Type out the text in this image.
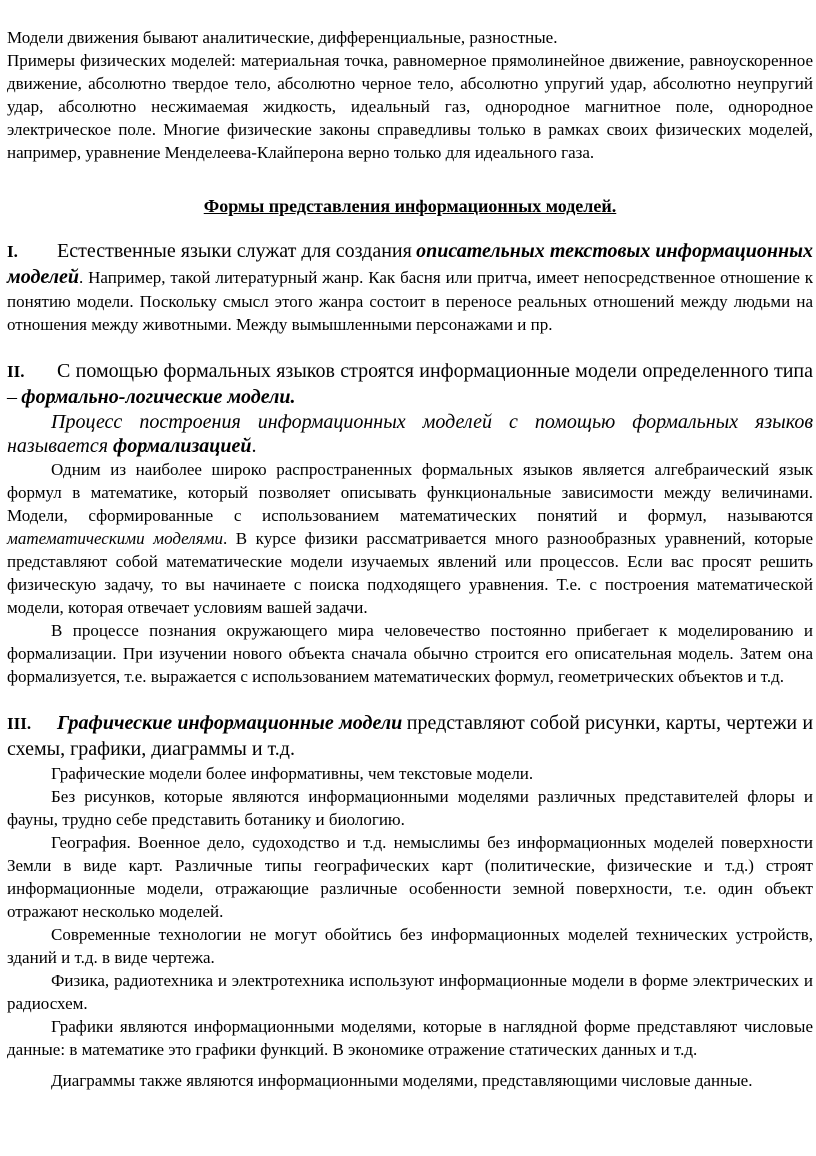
Модели движения бывают аналитические, дифференциальные, разностные.

Примеры физических моделей: материальная точка, равномерное прямолинейное движение, равноускоренное движение, абсолютно твердое тело, абсолютно черное тело, абсолютно упругий удар, абсолютно неупругий удар, абсолютно несжимаемая жидкость, идеальный газ, однородное магнитное поле, однородное электрическое поле. Многие физические законы справедливы только в рамках своих физических моделей, например, уравнение Менделеева-Клайперона верно только для идеального газа.

Формы представления информационных моделей.

I. Естественные языки служат для создания описательных текстовых информационных моделей. Например, такой литературный жанр. Как басня или притча, имеет непосредственное отношение к понятию модели. Поскольку смысл этого жанра состоит в переносе реальных отношений между людьми на отношения между животными. Между вымышленными персонажами и пр.

II. С помощью формальных языков строятся информационные модели определенного типа – формально-логические модели.

Процесс построения информационных моделей с помощью формальных языков называется формализацией.

Одним из наиболее широко распространенных формальных языков является алгебраический язык формул в математике, который позволяет описывать функциональные зависимости между величинами. Модели, сформированные с использованием математических понятий и формул, называются математическими моделями. В курсе физики рассматривается много разнообразных уравнений, которые представляют собой математические модели изучаемых явлений или процессов. Если вас просят решить физическую задачу, то вы начинаете с поиска подходящего уравнения. Т.е. с построения математической модели, которая отвечает условиям вашей задачи.

В процессе познания окружающего мира человечество постоянно прибегает к моделированию и формализации. При изучении нового объекта сначала обычно строится его описательная модель. Затем она формализуется, т.е. выражается с использованием математических формул, геометрических объектов и т.д.

III. Графические информационные модели представляют собой рисунки, карты, чертежи и схемы, графики, диаграммы и т.д.

Графические модели более информативны, чем текстовые модели.

Без рисунков, которые являются информационными моделями различных представителей флоры и фауны, трудно себе представить ботанику и биологию.

География. Военное дело, судоходство и т.д. немыслимы без информационных моделей поверхности Земли в виде карт. Различные типы географических карт (политические, физические и т.д.) строят информационные модели, отражающие различные особенности земной поверхности, т.е. один объект отражают несколько моделей.

Современные технологии не могут обойтись без информационных моделей технических устройств, зданий и т.д. в виде чертежа.

Физика, радиотехника и электротехника используют информационные модели в форме электрических и радиосхем.

Графики являются информационными моделями, которые в наглядной форме представляют числовые данные: в математике это графики функций. В экономике отражение статических данных и т.д.

Диаграммы также являются информационными моделями, представляющими числовые данные.
